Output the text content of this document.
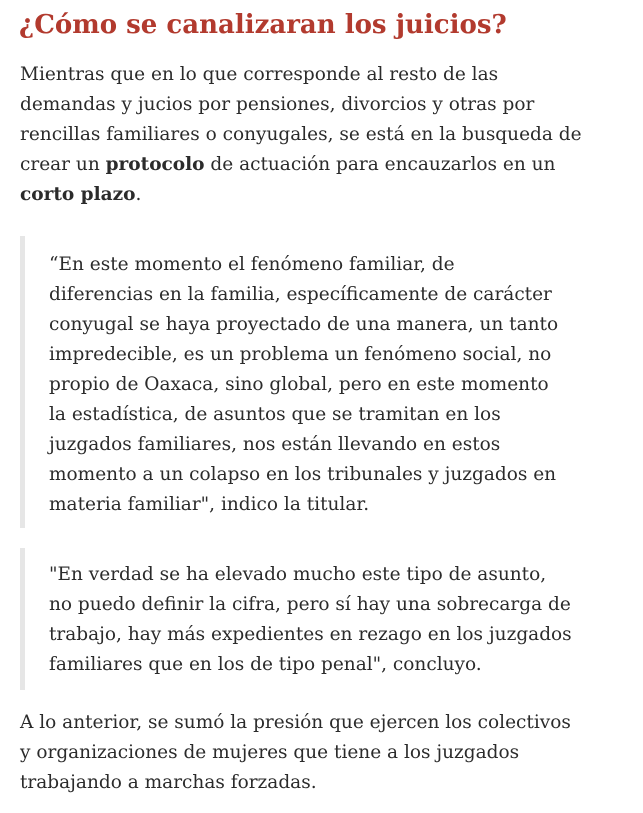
¿Cómo se canalizaran los juicios?

Mientras que en lo que corresponde al resto de las
demandas y jucios por pensiones, divorcios y otras por
rencillas familiares o conyugales, se está en la busqueda de
crear un protocolo de actuación para encauzarlos en un
corto plazo.

“En este momento el fenómeno familiar, de
diferencias en la familia, específicamente de carácter
conyugal se haya proyectado de una manera, un tanto
impredecible, es un problema un fenómeno social, no
propio de Oaxaca, sino global, pero en este momento
la estadística, de asuntos que se tramitan en los
juzgados familiares, nos están llevando en estos
momento a un colapso en los tribunales y juzgados en
materia familiar", indico la titular.

"En verdad se ha elevado mucho este tipo de asunto,
no puedo definir la cifra, pero sí hay una sobrecarga de
trabajo, hay más expedientes en rezago en los juzgados
familiares que en los de tipo penal", concluyo.

A lo anterior, se sumó la presión que ejercen los colectivos
y organizaciones de mujeres que tiene a los juzgados
trabajando a marchas forzadas.
